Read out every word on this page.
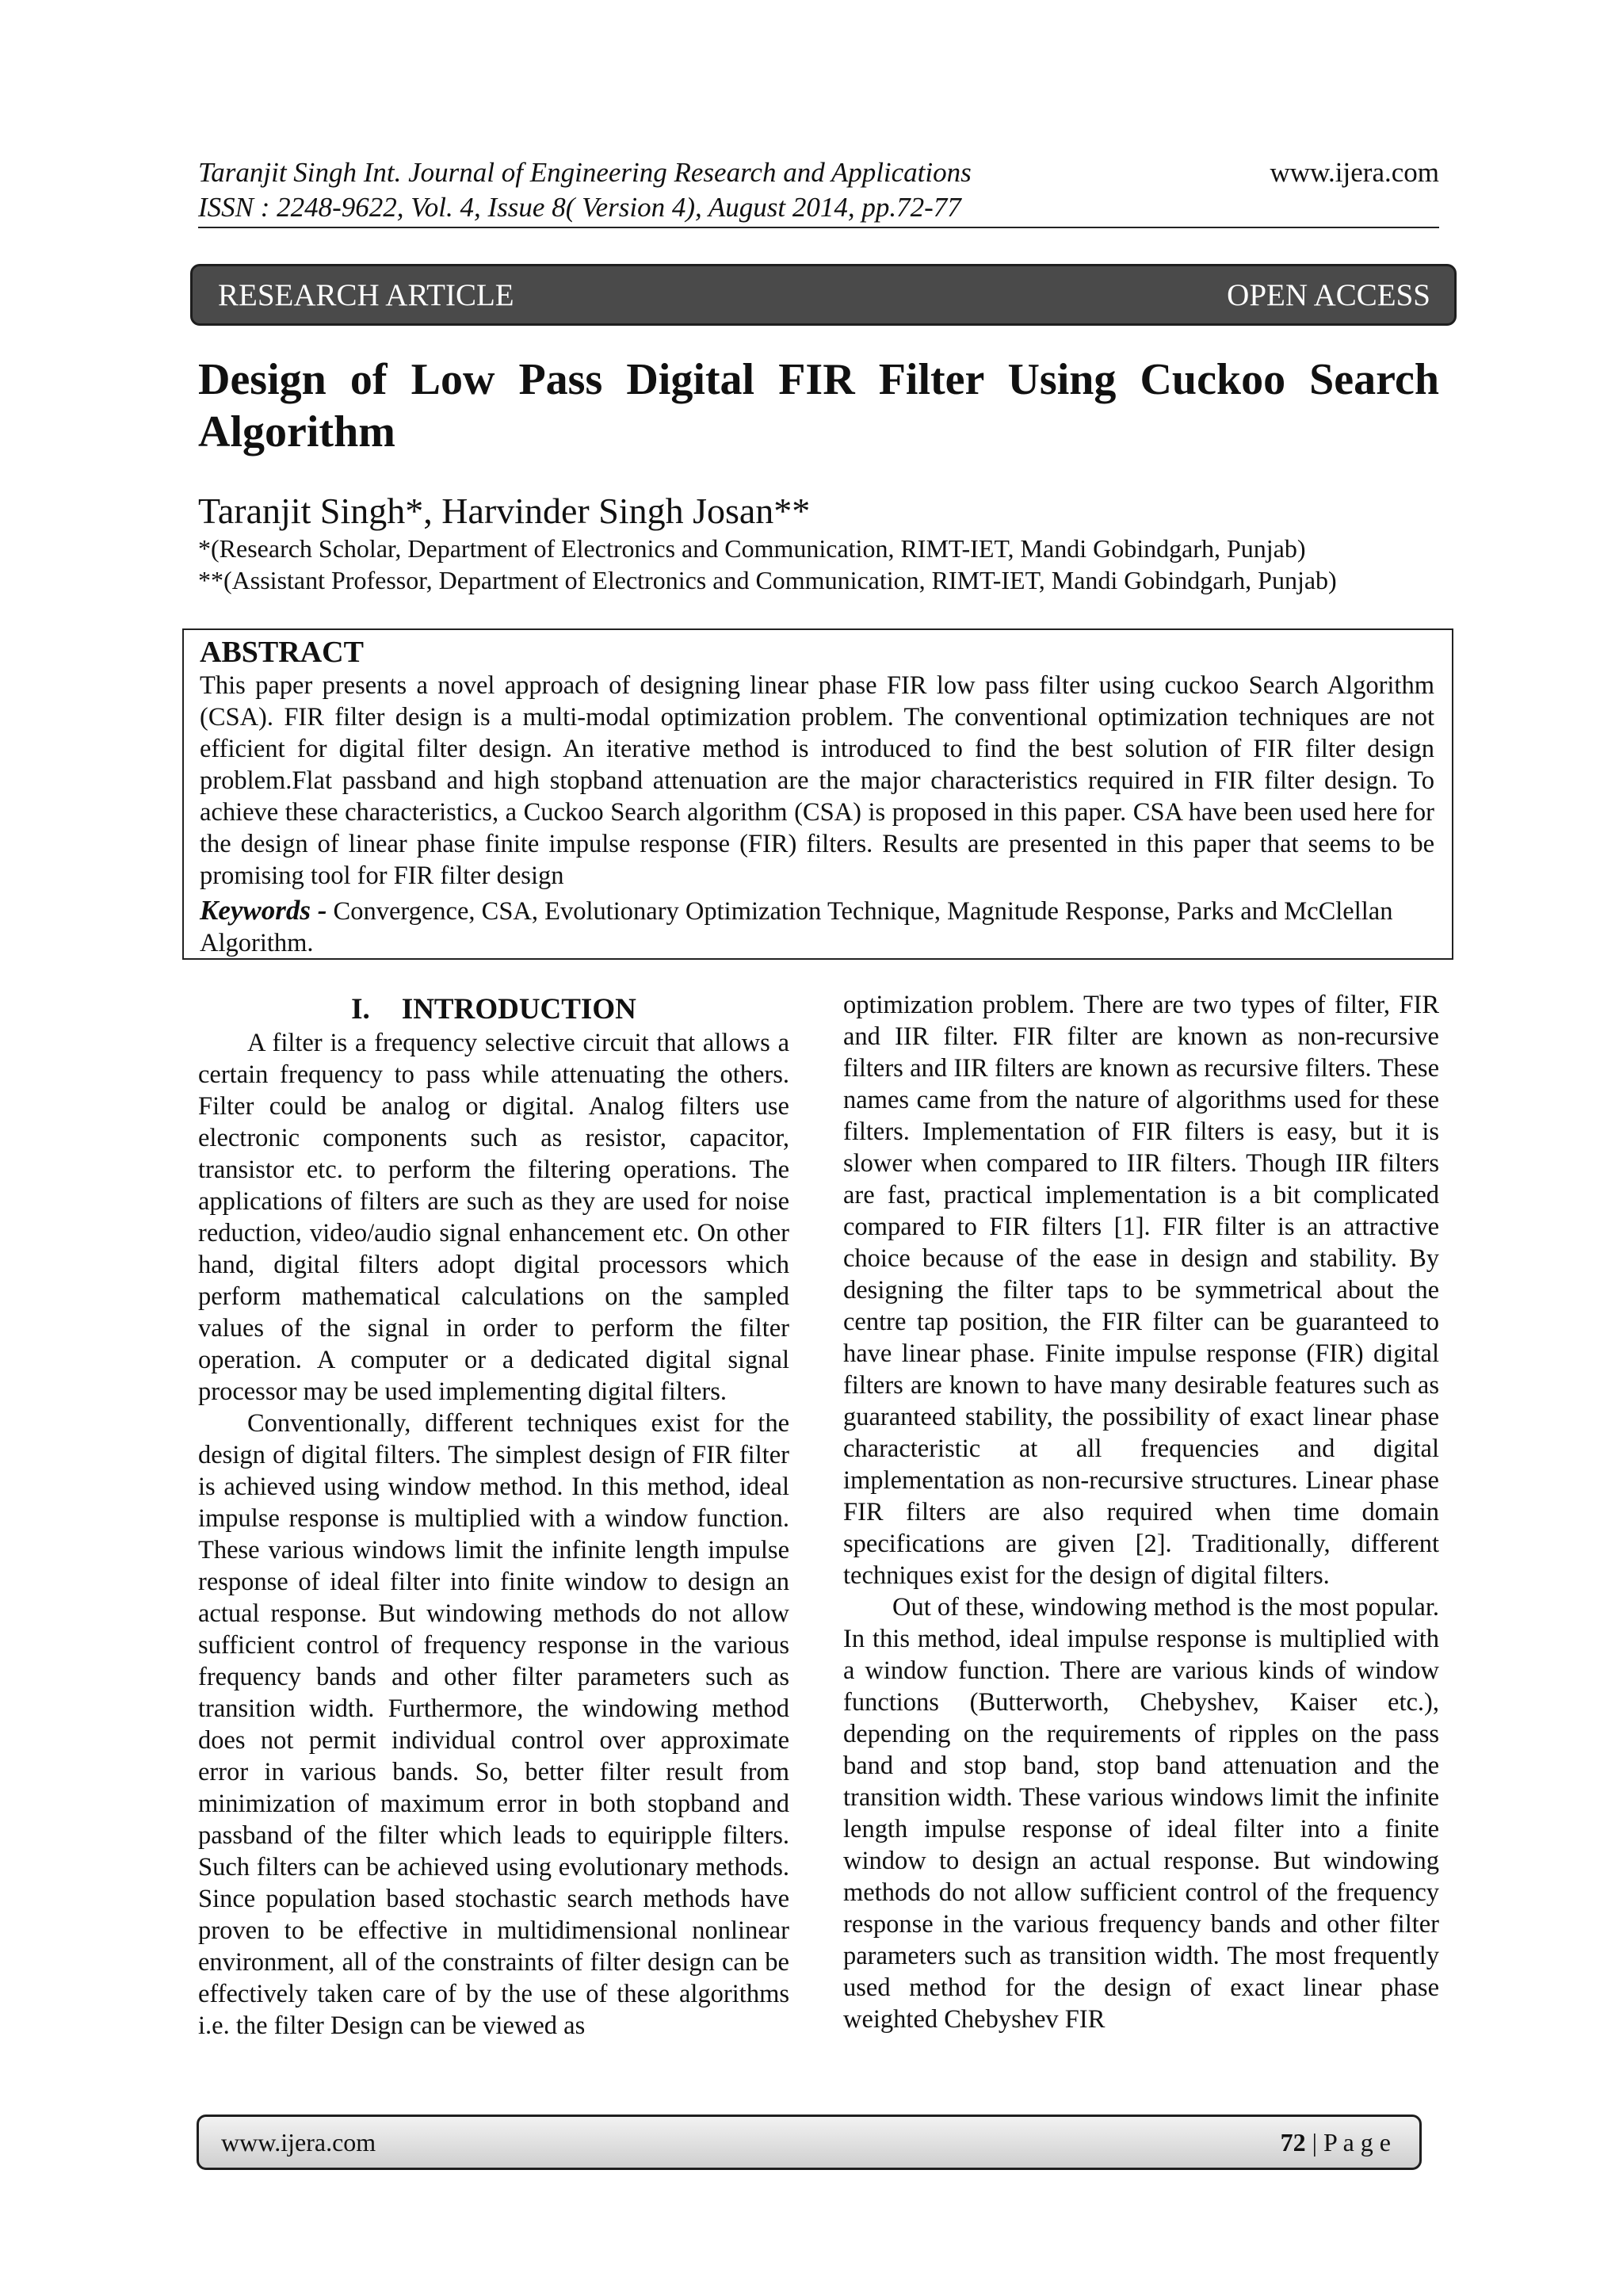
Taranjit Singh Int. Journal of Engineering Research and Applications
ISSN : 2248-9622, Vol. 4, Issue 8( Version 4), August 2014, pp.72-77
www.ijera.com
RESEARCH ARTICLE	OPEN ACCESS
Design of Low Pass Digital FIR Filter Using Cuckoo Search Algorithm
Taranjit Singh*, Harvinder Singh Josan**
*(Research Scholar, Department of Electronics and Communication, RIMT-IET, Mandi Gobindgarh, Punjab)
**(Assistant Professor, Department of Electronics and Communication, RIMT-IET, Mandi Gobindgarh, Punjab)
ABSTRACT

This paper presents a novel approach of designing linear phase FIR low pass filter using cuckoo Search Algorithm (CSA). FIR filter design is a multi-modal optimization problem. The conventional optimization techniques are not efficient for digital filter design. An iterative method is introduced to find the best solution of FIR filter design problem.Flat passband and high stopband attenuation are the major characteristics required in FIR filter design. To achieve these characteristics, a Cuckoo Search algorithm (CSA) is proposed in this paper. CSA have been used here for the design of linear phase finite impulse response (FIR) filters. Results are presented in this paper that seems to be promising tool for FIR filter design

Keywords - Convergence, CSA, Evolutionary Optimization Technique, Magnitude Response, Parks and McClellan Algorithm.

I. INTRODUCTION

A filter is a frequency selective circuit that allows a certain frequency to pass while attenuating the others. Filter could be analog or digital. Analog filters use electronic components such as resistor, capacitor, transistor etc. to perform the filtering operations. The applications of filters are such as they are used for noise reduction, video/audio signal enhancement etc. On other hand, digital filters adopt digital processors which perform mathematical calculations on the sampled values of the signal in order to perform the filter operation. A computer or a dedicated digital signal processor may be used implementing digital filters.

Conventionally, different techniques exist for the design of digital filters. The simplest design of FIR filter is achieved using window method. In this method, ideal impulse response is multiplied with a window function. These various windows limit the infinite length impulse response of ideal filter into finite window to design an actual response. But windowing methods do not allow sufficient control of frequency response in the various frequency bands and other filter parameters such as transition width. Furthermore, the windowing method does not permit individual control over approximate error in various bands. So, better filter result from minimization of maximum error in both stopband and passband of the filter which leads to equiripple filters. Such filters can be achieved using evolutionary methods. Since population based stochastic search methods have proven to be effective in multidimensional nonlinear environment, all of the constraints of filter design can be effectively taken care of by the use of these algorithms i.e. the filter Design can be viewed as

optimization problem. There are two types of filter, FIR and IIR filter. FIR filter are known as non-recursive filters and IIR filters are known as recursive filters. These names came from the nature of algorithms used for these filters. Implementation of FIR filters is easy, but it is slower when compared to IIR filters. Though IIR filters are fast, practical implementation is a bit complicated compared to FIR filters [1]. FIR filter is an attractive choice because of the ease in design and stability. By designing the filter taps to be symmetrical about the centre tap position, the FIR filter can be guaranteed to have linear phase. Finite impulse response (FIR) digital filters are known to have many desirable features such as guaranteed stability, the possibility of exact linear phase characteristic at all frequencies and digital implementation as non-recursive structures. Linear phase FIR filters are also required when time domain specifications are given [2]. Traditionally, different techniques exist for the design of digital filters.

Out of these, windowing method is the most popular. In this method, ideal impulse response is multiplied with a window function. There are various kinds of window functions (Butterworth, Chebyshev, Kaiser etc.), depending on the requirements of ripples on the pass band and stop band, stop band attenuation and the transition width. These various windows limit the infinite length impulse response of ideal filter into a finite window to design an actual response. But windowing methods do not allow sufficient control of the frequency response in the various frequency bands and other filter parameters such as transition width. The most frequently used method for the design of exact linear phase weighted Chebyshev FIR

www.ijera.com	72 | P a g e
